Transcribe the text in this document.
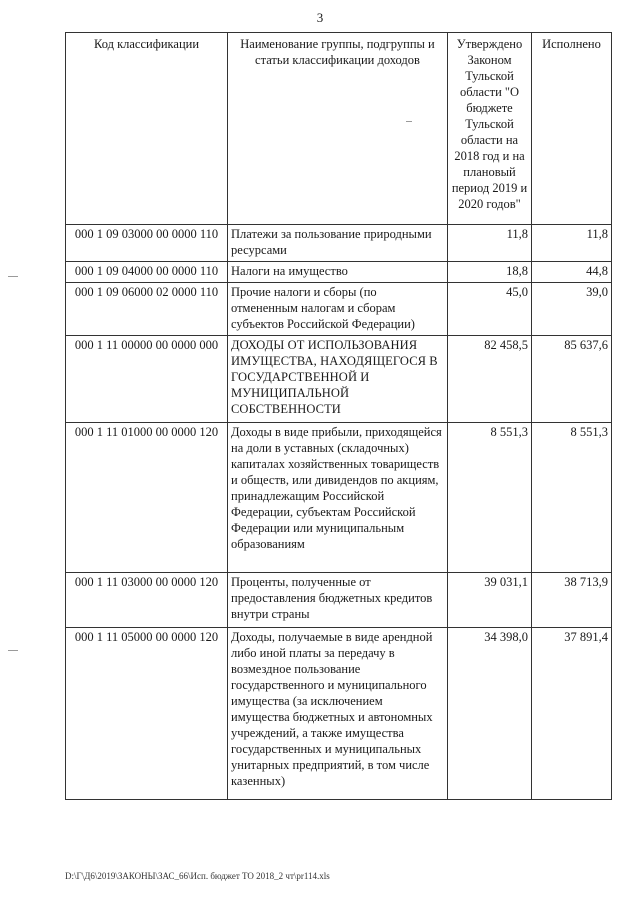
3
Код классификации	Наименование группы, подгруппы и статьи классификации доходов	Утверждено Законом Тульской области "О бюджете Тульской области на 2018 год и на плановый период 2019 и 2020 годов"	Исполнено
000 1 09 03000 00 0000 110	Платежи за пользование природными ресурсами	11,8	11,8
000 1 09 04000 00 0000 110	Налоги на имущество	18,8	44,8
000 1 09 06000 02 0000 110	Прочие налоги и сборы (по отмененным налогам и сборам субъектов Российской Федерации)	45,0	39,0
000 1 11 00000 00 0000 000	ДОХОДЫ ОТ ИСПОЛЬЗОВАНИЯ ИМУЩЕСТВА, НАХОДЯЩЕГОСЯ В ГОСУДАРСТВЕННОЙ И МУНИЦИПАЛЬНОЙ СОБСТВЕННОСТИ	82 458,5	85 637,6
000 1 11 01000 00 0000 120	Доходы в виде прибыли, приходящейся на доли в уставных (складочных) капиталах хозяйственных товариществ и обществ, или дивидендов по акциям, принадлежащим Российской Федерации, субъектам Российской Федерации или муниципальным образованиям	8 551,3	8 551,3
000 1 11 03000 00 0000 120	Проценты, полученные от предоставления бюджетных кредитов внутри страны	39 031,1	38 713,9
000 1 11 05000 00 0000 120	Доходы, получаемые в виде арендной либо иной платы за передачу в возмездное пользование государственного и муниципального имущества (за исключением имущества бюджетных и автономных учреждений, а также имущества государственных и муниципальных унитарных предприятий, в том числе казенных)	34 398,0	37 891,4
D:\Г\Д6\2019\ЗАКОНЫ\ЗАС_66\Исп. бюджет ТО 2018_2 чт\pr114.xls
